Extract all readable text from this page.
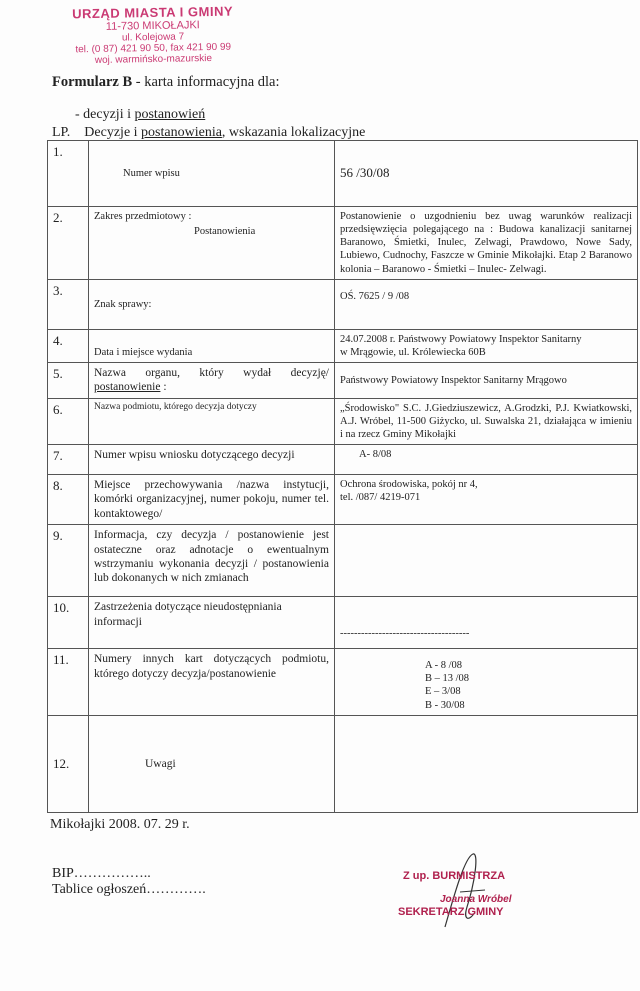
URZĄD MIASTA I GMINY
11-730 MIKOŁAJKI
ul. Kolejowa 7
tel. (0 87) 421 90 50, fax 421 90 99
woj. warmińsko-mazurskie
Formularz B - karta informacyjna dla:
- decyzji i postanowień
LP. Decyzje i postanowienia, wskazania lokalizacyjne
1.	Numer wpisu	56 /30/08
2.	Zakres przedmiotowy :
Postanowienia	Postanowienie o uzgodnieniu bez uwag warunków realizacji przedsięwzięcia polegającego na : Budowa kanalizacji sanitarnej Baranowo, Śmietki, Inulec, Zelwagi, Prawdowo, Nowe Sady, Lubiewo, Cudnochy, Faszcze w Gminie Mikołajki. Etap 2 Baranowo kolonia – Baranowo - Śmietki – Inulec- Zelwagi.
3.	Znak sprawy:	OŚ. 7625 / 9 /08
4.	Data i miejsce wydania	24.07.2008 r. Państwowy Powiatowy Inspektor Sanitarny
w Mrągowie, ul. Królewiecka 60B

5.	Nazwa organu, który wydał decyzję/ postanowienie :	Państwowy Powiatowy Inspektor Sanitarny Mrągowo
6.	Nazwa podmiotu, którego decyzja dotyczy	„Środowisko" S.C. J.Giedziuszewicz, A.Grodzki, P.J. Kwiatkowski, A.J. Wróbel, 11-500 Giżycko, ul. Suwalska 21, działająca w imieniu i na rzecz Gminy Mikołajki
7.	Numer wpisu wniosku dotyczącego decyzji	A- 8/08
8.	Miejsce przechowywania /nazwa instytucji, komórki organizacyjnej, numer pokoju, numer tel. kontaktowego/	Ochrona środowiska, pokój nr 4,
tel. /087/ 4219-071

9.	Informacja, czy decyzja / postanowienie jest ostateczne oraz adnotacje o ewentualnym wstrzymaniu wykonania decyzji / postanowienia lub dokonanych w nich zmianach	
10.	Zastrzeżenia dotyczące nieudostępniania informacji	-------------------------------------
11.	Numery innych kart dotyczących podmiotu, którego dotyczy decyzja/postanowienie	A - 8 /08
B – 13 /08
E – 3/08
B - 30/08

12.	Uwagi	
Mikołajki 2008. 07. 29 r.
BIP……………..
Tablice ogłoszeń………….
Z up. BURMISTRZA
Joanna Wróbel
SEKRETARZ GMINY
